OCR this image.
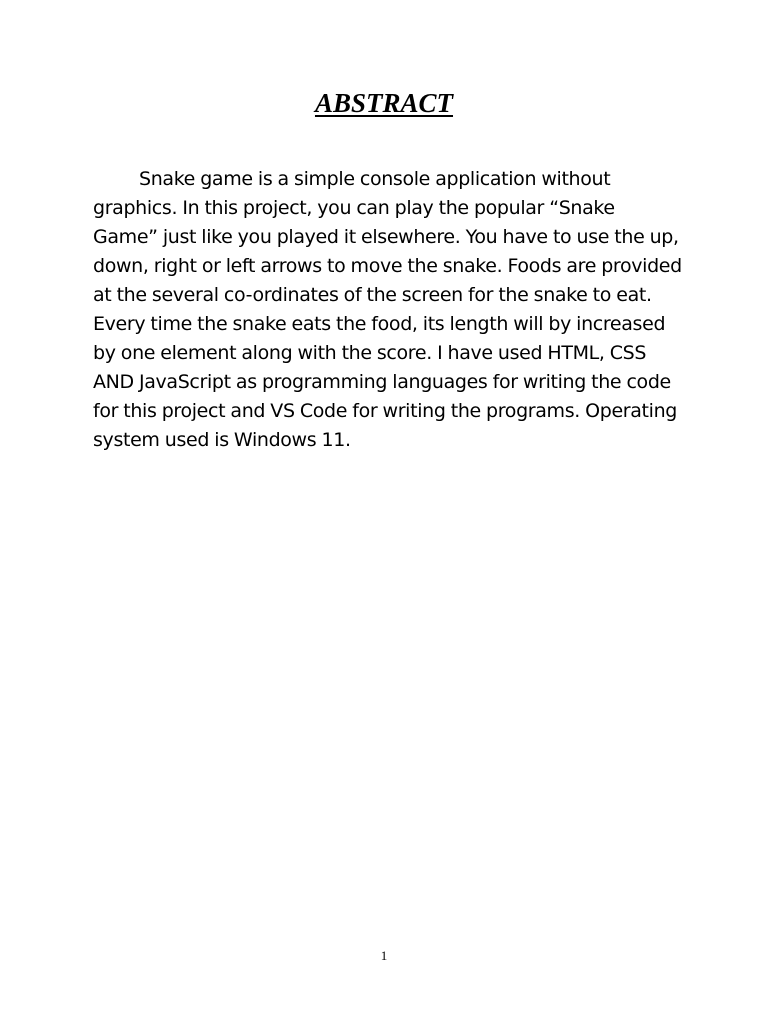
ABSTRACT

Snake game is a simple console application without graphics. In this project, you can play the popular “Snake Game” just like you played it elsewhere. You have to use the up, down, right or left arrows to move the snake. Foods are provided at the several co-ordinates of the screen for the snake to eat. Every time the snake eats the food, its length will by increased by one element along with the score. I have used HTML, CSS AND JavaScript as programming languages for writing the code for this project and VS Code for writing the programs. Operating system used is Windows 11.

1
